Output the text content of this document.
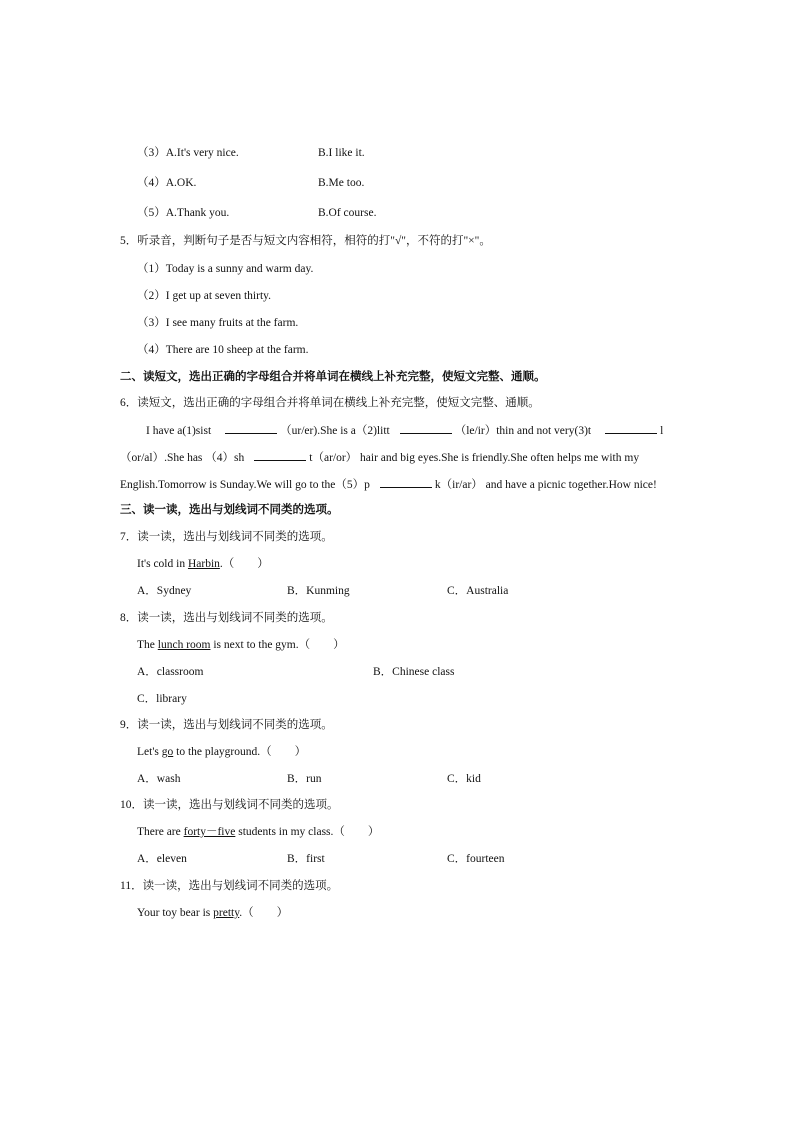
（3）A.It's very nice.	B.I like it.
（4）A.OK.	B.Me too.
（5）A.Thank you.	B.Of course.
5．听录音，判断句子是否与短文内容相符，相符的打"√"，不符的打"×"。
（1）Today is a sunny and warm day.
（2）I get up at seven thirty.
（3）I see many fruits at the farm.
（4）There are 10 sheep at the farm.
二、读短文，选出正确的字母组合并将单词在横线上补充完整，使短文完整、通顺。
6．读短文，选出正确的字母组合并将单词在横线上补充完整，使短文完整、通顺。
I have a(1)sist	（ur/er).She is a（2)litt	（le/ir）thin and not very(3)t	l
（or/al）.She has （4）sh	t（ar/or） hair and big eyes.She is friendly.She often helps me with my
English.Tomorrow is Sunday.We will go to the（5）p	k（ir/ar） and have a picnic together.How nice!
三、读一读，选出与划线词不同类的选项。
7．读一读，选出与划线词不同类的选项。
It's cold in Harbin.（　　）
A．Sydney	B．Kunming	C．Australia
8．读一读，选出与划线词不同类的选项。
The lunch room is next to the gym.（　　）
A．classroom	B．Chinese class
C．library
9．读一读，选出与划线词不同类的选项。
Let's go to the playground.（　　）
A．wash	B．run	C．kid
10．读一读，选出与划线词不同类的选项。
There are forty－five students in my class.（　　）
A．eleven	B．first	C．fourteen
11．读一读，选出与划线词不同类的选项。
Your toy bear is pretty.（　　）
